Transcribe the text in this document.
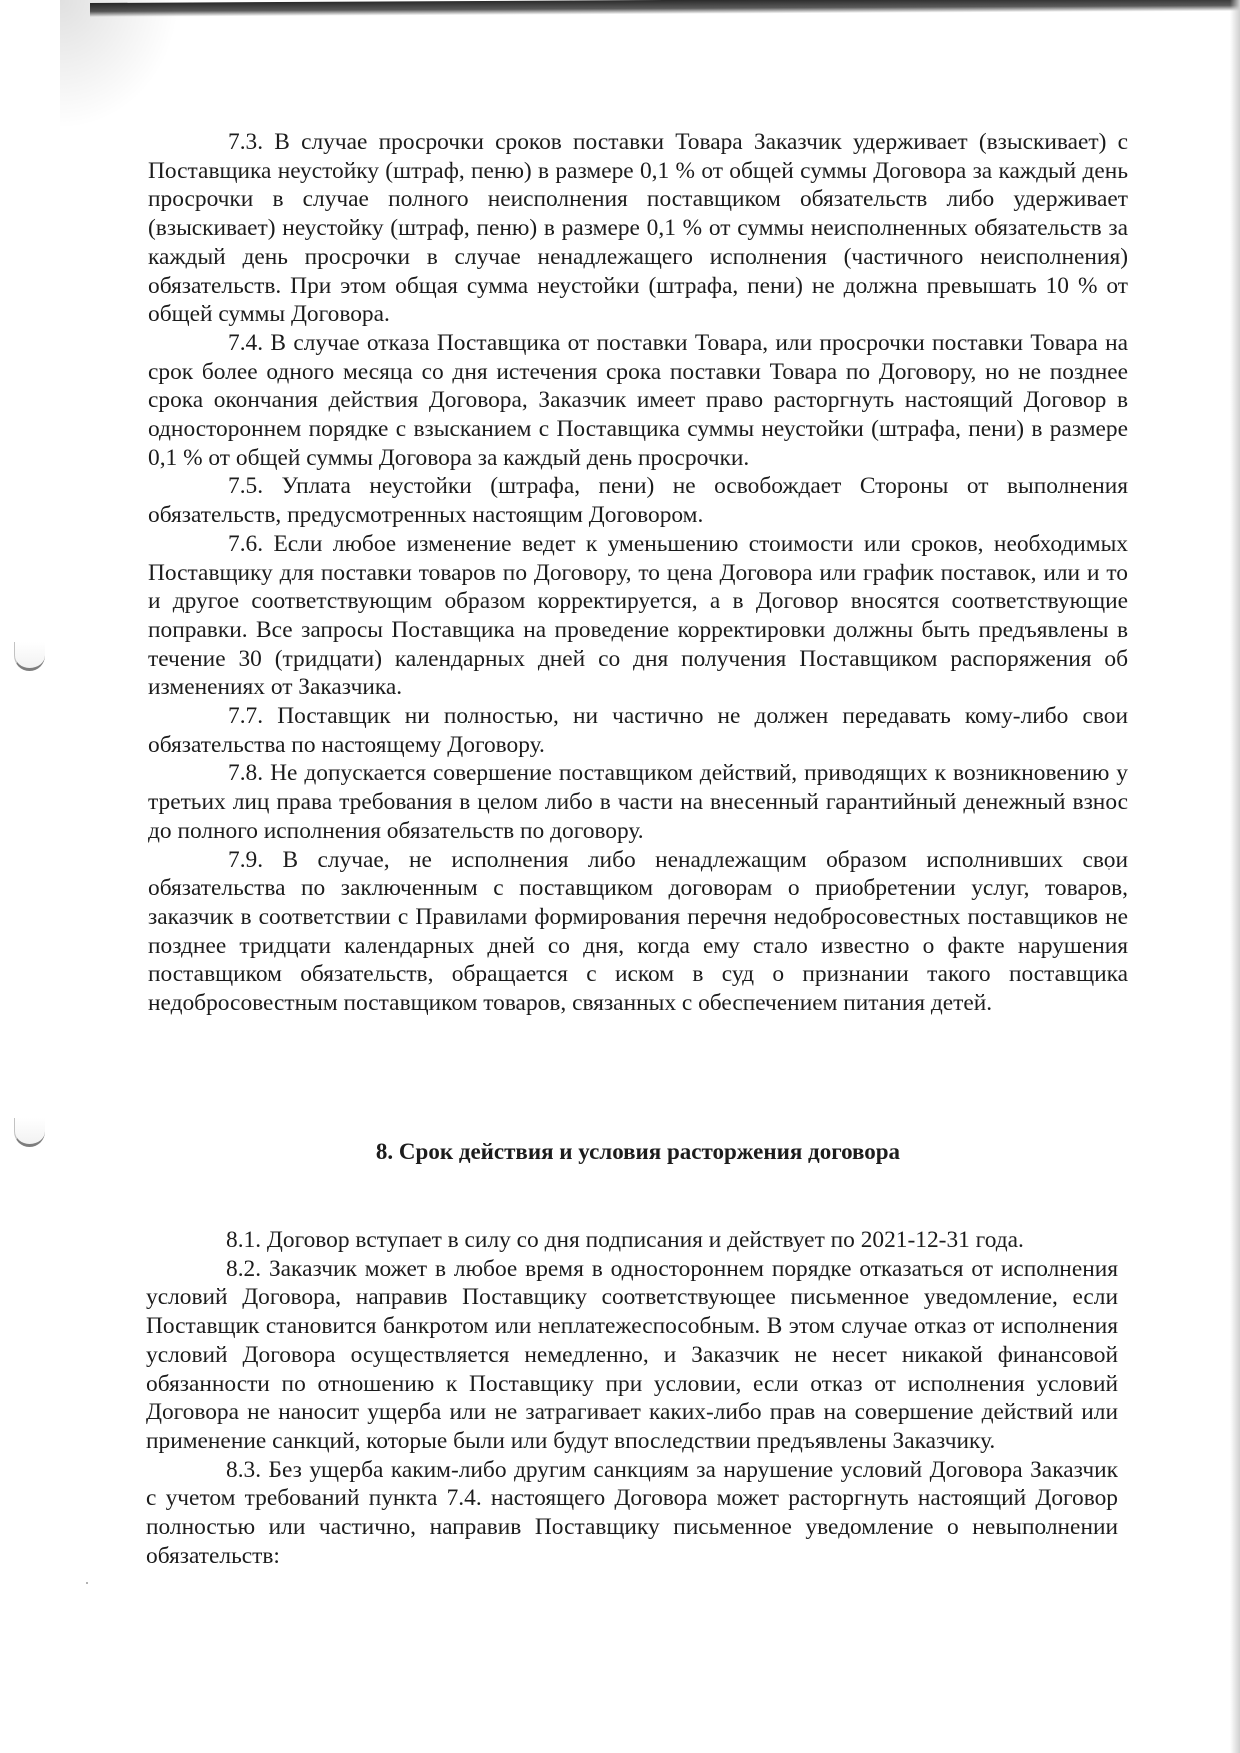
7.3. В случае просрочки сроков поставки Товара Заказчик удерживает (взыскивает) с Поставщика неустойку (штраф, пеню) в размере 0,1 % от общей суммы Договора за каждый день просрочки в случае полного неисполнения поставщиком обязательств либо удерживает (взыскивает) неустойку (штраф, пеню) в размере 0,1 % от суммы неисполненных обязательств за каждый день просрочки в случае ненадлежащего исполнения (частичного неисполнения) обязательств. При этом общая сумма неустойки (штрафа, пени) не должна превышать 10 % от общей суммы Договора.

7.4. В случае отказа Поставщика от поставки Товара, или просрочки поставки Товара на срок более одного месяца со дня истечения срока поставки Товара по Договору, но не позднее срока окончания действия Договора, Заказчик имеет право расторгнуть настоящий Договор в одностороннем порядке с взысканием с Поставщика суммы неустойки (штрафа, пени) в размере 0,1 % от общей суммы Договора за каждый день просрочки.

7.5. Уплата неустойки (штрафа, пени) не освобождает Стороны от выполнения обязательств, предусмотренных настоящим Договором.

7.6. Если любое изменение ведет к уменьшению стоимости или сроков, необходимых Поставщику для поставки товаров по Договору, то цена Договора или график поставок, или и то и другое соответствующим образом корректируется, а в Договор вносятся соответствующие поправки. Все запросы Поставщика на проведение корректировки должны быть предъявлены в течение 30 (тридцати) календарных дней со дня получения Поставщиком распоряжения об изменениях от Заказчика.

7.7. Поставщик ни полностью, ни частично не должен передавать кому-либо свои обязательства по настоящему Договору.

7.8. Не допускается совершение поставщиком действий, приводящих к возникновению у третьих лиц права требования в целом либо в части на внесенный гарантийный денежный взнос до полного исполнения обязательств по договору.

7.9. В случае, не исполнения либо ненадлежащим образом исполнивших свои обязательства по заключенным с поставщиком договорам о приобретении услуг, товаров, заказчик в соответствии с Правилами формирования перечня недобросовестных поставщиков не позднее тридцати календарных дней со дня, когда ему стало известно о факте нарушения поставщиком обязательств, обращается с иском в суд о признании такого поставщика недобросовестным поставщиком товаров, связанных с обеспечением питания детей.

8. Срок действия и условия расторжения договора

8.1. Договор вступает в силу со дня подписания и действует по 2021-12-31 года.

8.2. Заказчик может в любое время в одностороннем порядке отказаться от исполнения условий Договора, направив Поставщику соответствующее письменное уведомление, если Поставщик становится банкротом или неплатежеспособным. В этом случае отказ от исполнения условий Договора осуществляется немедленно, и Заказчик не несет никакой финансовой обязанности по отношению к Поставщику при условии, если отказ от исполнения условий Договора не наносит ущерба или не затрагивает каких-либо прав на совершение действий или применение санкций, которые были или будут впоследствии предъявлены Заказчику.

8.3. Без ущерба каким-либо другим санкциям за нарушение условий Договора Заказчик с учетом требований пункта 7.4. настоящего Договора может расторгнуть настоящий Договор полностью или частично, направив Поставщику письменное уведомление о невыполнении обязательств:
